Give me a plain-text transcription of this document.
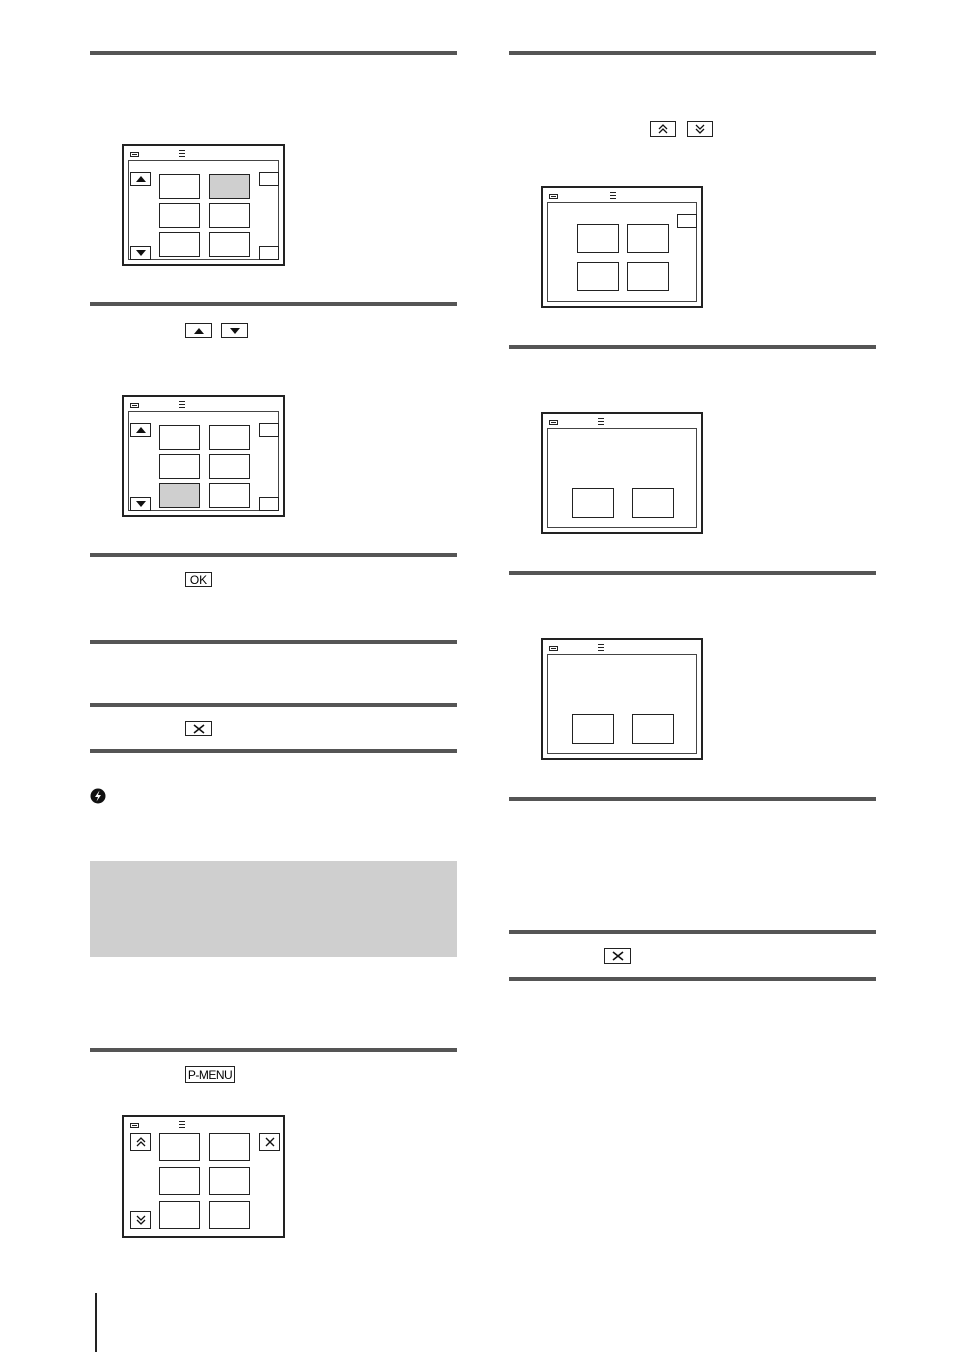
OK
P-MENU
